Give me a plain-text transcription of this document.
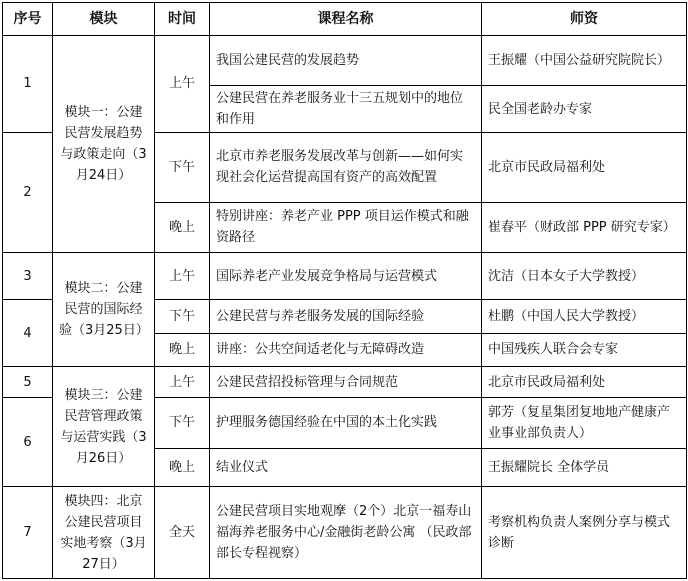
序号	模块	时间	课程名称	师资
1	模块一：公建民营发展趋势与政策走向（3月24日）	上午	我国公建民营的发展趋势	王振耀（中国公益研究院院长）
			公建民营在养老服务业十三五规划中的地位和作用	民全国老龄办专家
2		下午	北京市养老服务发展改革与创新——如何实现社会化运营提高国有资产的高效配置	北京市民政局福利处
		晚上	特别讲座：养老产业 PPP 项目运作模式和融资路径	崔春平（财政部 PPP 研究专家）
3	模块二：公建民营的国际经验（3月25日）	上午	国际养老产业发展竞争格局与运营模式	沈洁（日本女子大学教授）
4		下午	公建民营与养老服务发展的国际经验	杜鹏（中国人民大学教授）
		晚上	讲座：公共空间适老化与无障碍改造	中国残疾人联合会专家
5	模块三：公建民营管理政策与运营实践（3月26日）	上午	公建民营招投标管理与合同规范	北京市民政局福利处
6		下午	护理服务德国经验在中国的本土化实践	郭芳（复星集团复地地产健康产业事业部负责人）
		晚上	结业仪式	王振耀院长 全体学员
7	模块四：北京公建民营项目实地考察（3月27日）	全天	公建民营项目实地观摩（2个）北京一福寿山福海养老服务中心/金融街老龄公寓 （民政部部长专程视察）	考察机构负责人案例分享与模式诊断
